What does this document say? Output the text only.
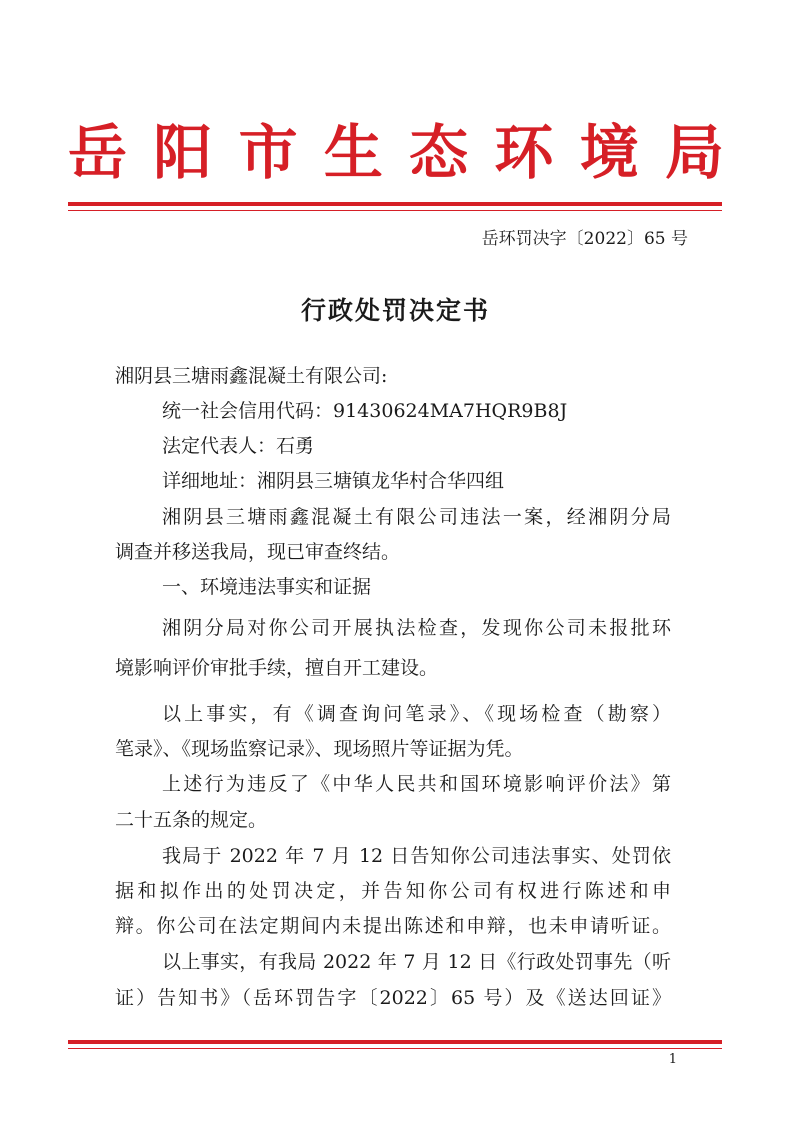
岳阳市生态环境局
岳环罚决字〔2022〕65 号
行政处罚决定书
湘阴县三塘雨鑫混凝土有限公司:
统一社会信用代码：91430624MA7HQR9B8J
法定代表人：石勇
详细地址：湘阴县三塘镇龙华村合华四组
湘阴县三塘雨鑫混凝土有限公司违法一案，经湘阴分局
调查并移送我局，现已审查终结。
一、环境违法事实和证据
湘阴分局对你公司开展执法检查，发现你公司未报批环
境影响评价审批手续，擅自开工建设。
以上事实，有《调查询问笔录》、《现场检查（勘察）
笔录》、《现场监察记录》、现场照片等证据为凭。
上述行为违反了《中华人民共和国环境影响评价法》第
二十五条的规定。
我局于 2022 年 7 月 12 日告知你公司违法事实、处罚依
据和拟作出的处罚决定，并告知你公司有权进行陈述和申
辩。你公司在法定期间内未提出陈述和申辩，也未申请听证。
以上事实，有我局 2022 年 7 月 12 日《行政处罚事先（听
证）告知书》（岳环罚告字〔2022〕65 号）及《送达回证》
1
